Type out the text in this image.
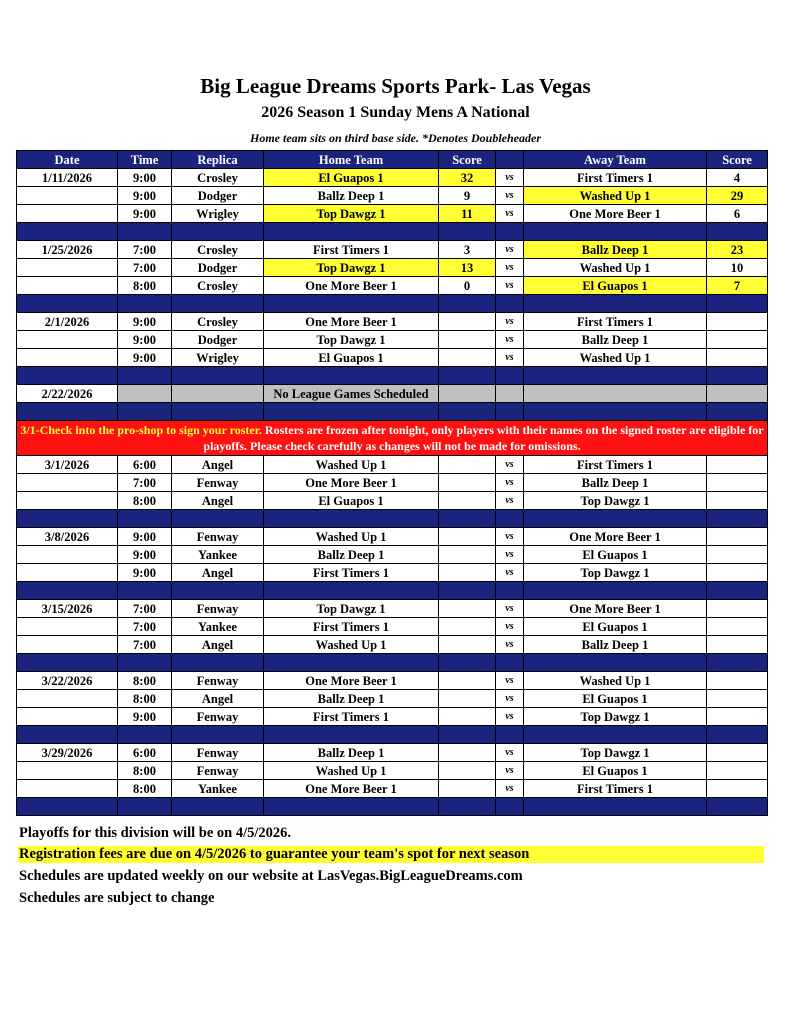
Big League Dreams Sports Park- Las Vegas
2026 Season 1 Sunday Mens A National
Home team sits on third base side. *Denotes Doubleheader
Date	Time	Replica	Home Team	Score		Away Team	Score
1/11/2026	9:00	Crosley	El Guapos 1	32	vs	First Timers 1	4
	9:00	Dodger	Ballz Deep 1	9	vs	Washed Up 1	29
	9:00	Wrigley	Top Dawgz 1	11	vs	One More Beer 1	6

1/25/2026	7:00	Crosley	First Timers 1	3	vs	Ballz Deep 1	23
	7:00	Dodger	Top Dawgz 1	13	vs	Washed Up 1	10
	8:00	Crosley	One More Beer 1	0	vs	El Guapos 1	7

2/1/2026	9:00	Crosley	One More Beer 1		vs	First Timers 1	
	9:00	Dodger	Top Dawgz 1		vs	Ballz Deep 1	
	9:00	Wrigley	El Guapos 1		vs	Washed Up 1	

2/22/2026			No League Games Scheduled				

3/1-Check into the pro-shop to sign your roster. Rosters are frozen after tonight, only players with their names on the signed roster are eligible for playoffs. Please check carefully as changes will not be made for omissions.							
3/1/2026	6:00	Angel	Washed Up 1		vs	First Timers 1	
	7:00	Fenway	One More Beer 1		vs	Ballz Deep 1	
	8:00	Angel	El Guapos 1		vs	Top Dawgz 1	

3/8/2026	9:00	Fenway	Washed Up 1		vs	One More Beer 1	
	9:00	Yankee	Ballz Deep 1		vs	El Guapos 1	
	9:00	Angel	First Timers 1		vs	Top Dawgz 1	

3/15/2026	7:00	Fenway	Top Dawgz 1		vs	One More Beer 1	
	7:00	Yankee	First Timers 1		vs	El Guapos 1	
	7:00	Angel	Washed Up 1		vs	Ballz Deep 1	

3/22/2026	8:00	Fenway	One More Beer 1		vs	Washed Up 1	
	8:00	Angel	Ballz Deep 1		vs	El Guapos 1	
	9:00	Fenway	First Timers 1		vs	Top Dawgz 1	

3/29/2026	6:00	Fenway	Ballz Deep 1		vs	Top Dawgz 1	
	8:00	Fenway	Washed Up 1		vs	El Guapos 1	
	8:00	Yankee	One More Beer 1		vs	First Timers 1	

Playoffs for this division will be on 4/5/2026.
Registration fees are due on 4/5/2026 to guarantee your team's spot for next season
Schedules are updated weekly on our website at LasVegas.BigLeagueDreams.com
Schedules are subject to change
